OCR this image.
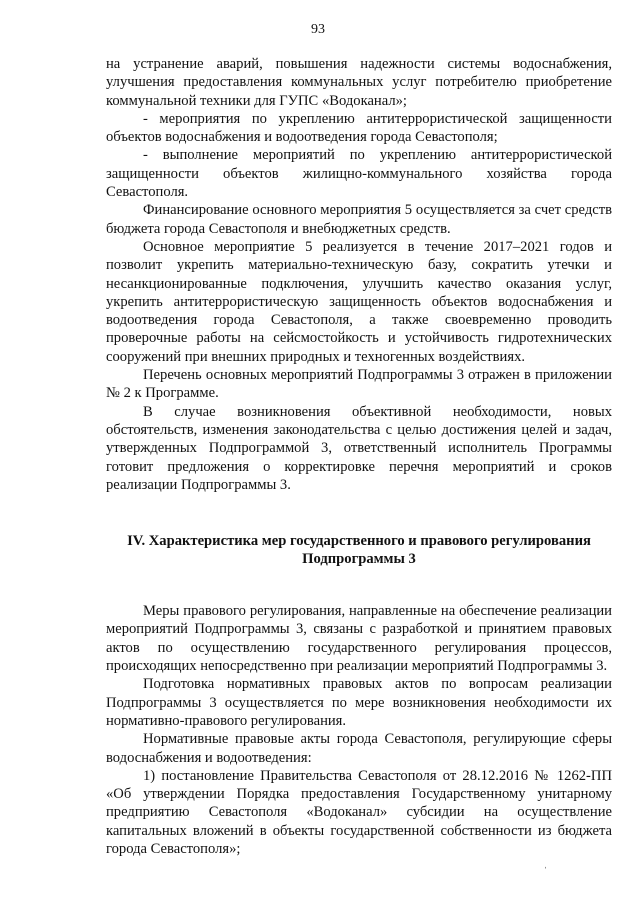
93

на устранение аварий, повышения надежности системы водоснабжения, улучшения предоставления коммунальных услуг потребителю приобретение коммунальной техники для ГУПС «Водоканал»;

- мероприятия по укреплению антитеррористической защищенности объектов водоснабжения и водоотведения города Севастополя;

- выполнение мероприятий по укреплению антитеррористической защищенности объектов жилищно-коммунального хозяйства города Севастополя.

Финансирование основного мероприятия 5 осуществляется за счет средств бюджета города Севастополя и внебюджетных средств.

Основное мероприятие 5 реализуется в течение 2017–2021 годов и позволит укрепить материально-техническую базу, сократить утечки и несанкционированные подключения, улучшить качество оказания услуг, укрепить антитеррористическую защищенность объектов водоснабжения и водоотведения города Севастополя, а также своевременно проводить проверочные работы на сейсмостойкость и устойчивость гидротехнических сооружений при внешних природных и техногенных воздействиях.

Перечень основных мероприятий Подпрограммы 3 отражен в приложении № 2 к Программе.

В случае возникновения объективной необходимости, новых обстоятельств, изменения законодательства с целью достижения целей и задач, утвержденных Подпрограммой 3, ответственный исполнитель Программы готовит предложения о корректировке перечня мероприятий и сроков реализации Подпрограммы 3.

IV. Характеристика мер государственного и правового регулирования
Подпрограммы 3

Меры правового регулирования, направленные на обеспечение реализации мероприятий Подпрограммы 3, связаны с разработкой и принятием правовых актов по осуществлению государственного регулирования процессов, происходящих непосредственно при реализации мероприятий Подпрограммы 3.

Подготовка нормативных правовых актов по вопросам реализации Подпрограммы 3 осуществляется по мере возникновения необходимости их нормативно-правового регулирования.

Нормативные правовые акты города Севастополя, регулирующие сферы водоснабжения и водоотведения:

1) постановление Правительства Севастополя от 28.12.2016 № 1262-ПП «Об утверждении Порядка предоставления Государственному унитарному предприятию Севастополя «Водоканал» субсидии на осуществление капитальных вложений в объекты государственной собственности из бюджета города Севастополя»;

ˌ
